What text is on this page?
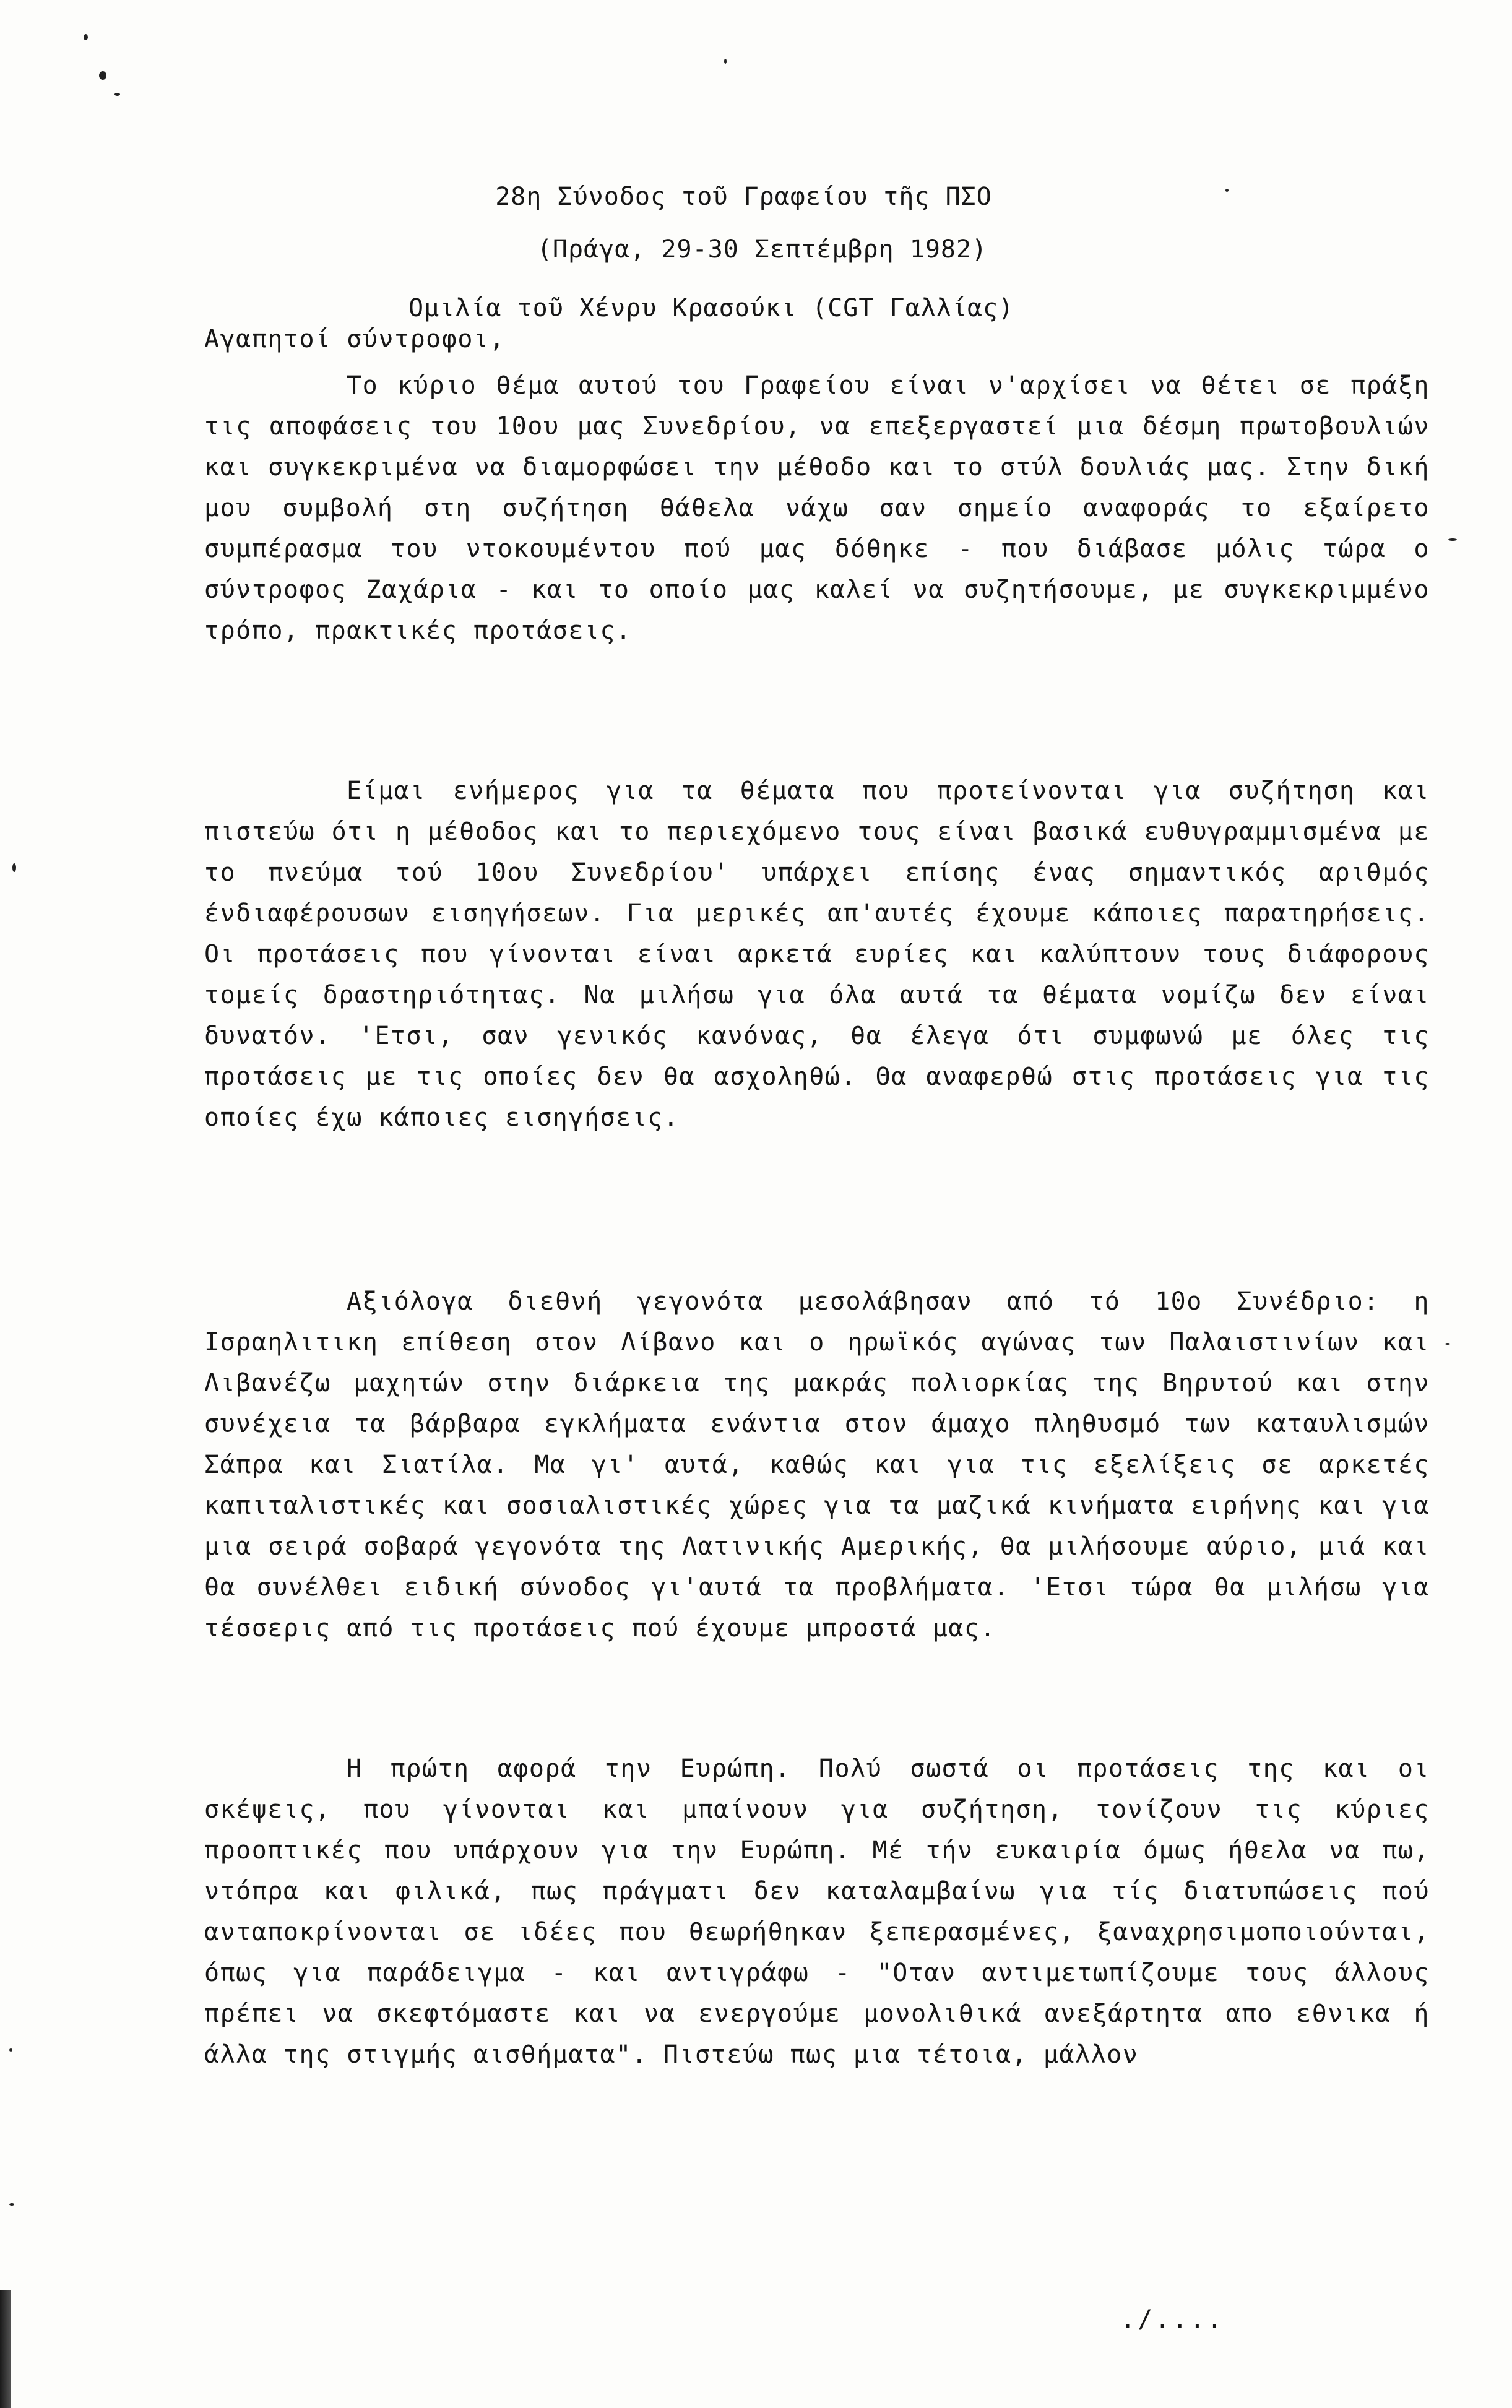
28η Σύνοδος τοῦ Γραφείου τῆς ΠΣΟ
(Πράγα, 29-30 Σεπτέμβρη 1982)
Ομιλία τοῦ Χένρυ Κρασούκι (CGT Γαλλίας)
Αγαπητοί σύντροφοι,

Το κύριο θέμα αυτού του Γραφείου είναι ν'αρχίσει να θέτει σε πράξη τις αποφάσεις του 10ου μας Συνεδρίου, να επεξεργαστεί μια δέσμη πρωτοβουλιών και συγκεκριμένα να διαμορφώσει την μέθοδο και το στύλ δουλιάς μας. Στην δική μου συμβολή στη συζήτηση θάθελα νάχω σαν σημείο αναφοράς το εξαίρετο συμπέρασμα του ντοκουμέντου πού μας δόθηκε - που διάβασε μόλις τώρα ο σύντροφος Ζαχάρια - και το οποίο μας καλεί να συζητήσουμε, με συγκεκριμμένο τρόπο, πρακτικές προτάσεις.

Είμαι ενήμερος για τα θέματα που προτείνονται για συζήτηση και πιστεύω ότι η μέθοδος και το περιεχόμενο τους είναι βασικά ευθυγραμμισμένα με το πνεύμα τού 10ου Συνεδρίου' υπάρχει επίσης ένας σημαντικός αριθμός ένδιαφέρουσων εισηγήσεων. Για μερικές απ'αυτές έχουμε κάποιες παρατηρήσεις. Οι προτάσεις που γίνονται είναι αρκετά ευρίες και καλύπτουν τους διάφορους τομείς δραστηριότητας. Να μιλήσω για όλα αυτά τα θέματα νομίζω δεν είναι δυνατόν. 'Ετσι, σαν γενικός κανόνας, θα έλεγα ότι συμφωνώ με όλες τις προτάσεις με τις οποίες δεν θα ασχοληθώ. Θα αναφερθώ στις προτάσεις για τις οποίες έχω κάποιες εισηγήσεις.

Αξιόλογα διεθνή γεγονότα μεσολάβησαν από τό 10ο Συνέδριο: η Ισραηλιτικη επίθεση στον Λίβανο και ο ηρωϊκός αγώνας των Παλαιστινίων και Λιβανέζω μαχητών στην διάρκεια της μακράς πολιορκίας της Βηρυτού και στην συνέχεια τα βάρβαρα εγκλήματα ενάντια στον άμαχο πληθυσμό των καταυλισμών Σάπρα και Σιατίλα. Μα γι' αυτά, καθώς και για τις εξελίξεις σε αρκετές καπιταλιστικές και σοσιαλιστικές χώρες για τα μαζικά κινήματα ειρήνης και για μια σειρά σοβαρά γεγονότα της Λατινικής Αμερικής, θα μιλήσουμε αύριο, μιά και θα συνέλθει ειδική σύνοδος γι'αυτά τα προβλήματα. 'Ετσι τώρα θα μιλήσω για τέσσερις από τις προτάσεις πού έχουμε μπροστά μας.

Η πρώτη αφορά την Ευρώπη. Πολύ σωστά οι προτάσεις της και οι σκέψεις, που γίνονται και μπαίνουν για συζήτηση, τονίζουν τις κύριες προοπτικές που υπάρχουν για την Ευρώπη. Μέ τήν ευκαιρία όμως ήθελα να πω, ντόπρα και φιλικά, πως πράγματι δεν καταλαμβαίνω για τίς διατυπώσεις πού ανταποκρίνονται σε ιδέες που θεωρήθηκαν ξεπερασμένες, ξαναχρησιμοποιούνται, όπως για παράδειγμα - και αντιγράφω - "Οταν αντιμετωπίζουμε τους άλλους πρέπει να σκεφτόμαστε και να ενεργούμε μονολιθικά ανεξάρτητα απο εθνικα ή άλλα της στιγμής αισθήματα". Πιστεύω πως μια τέτοια, μάλλον

./....
